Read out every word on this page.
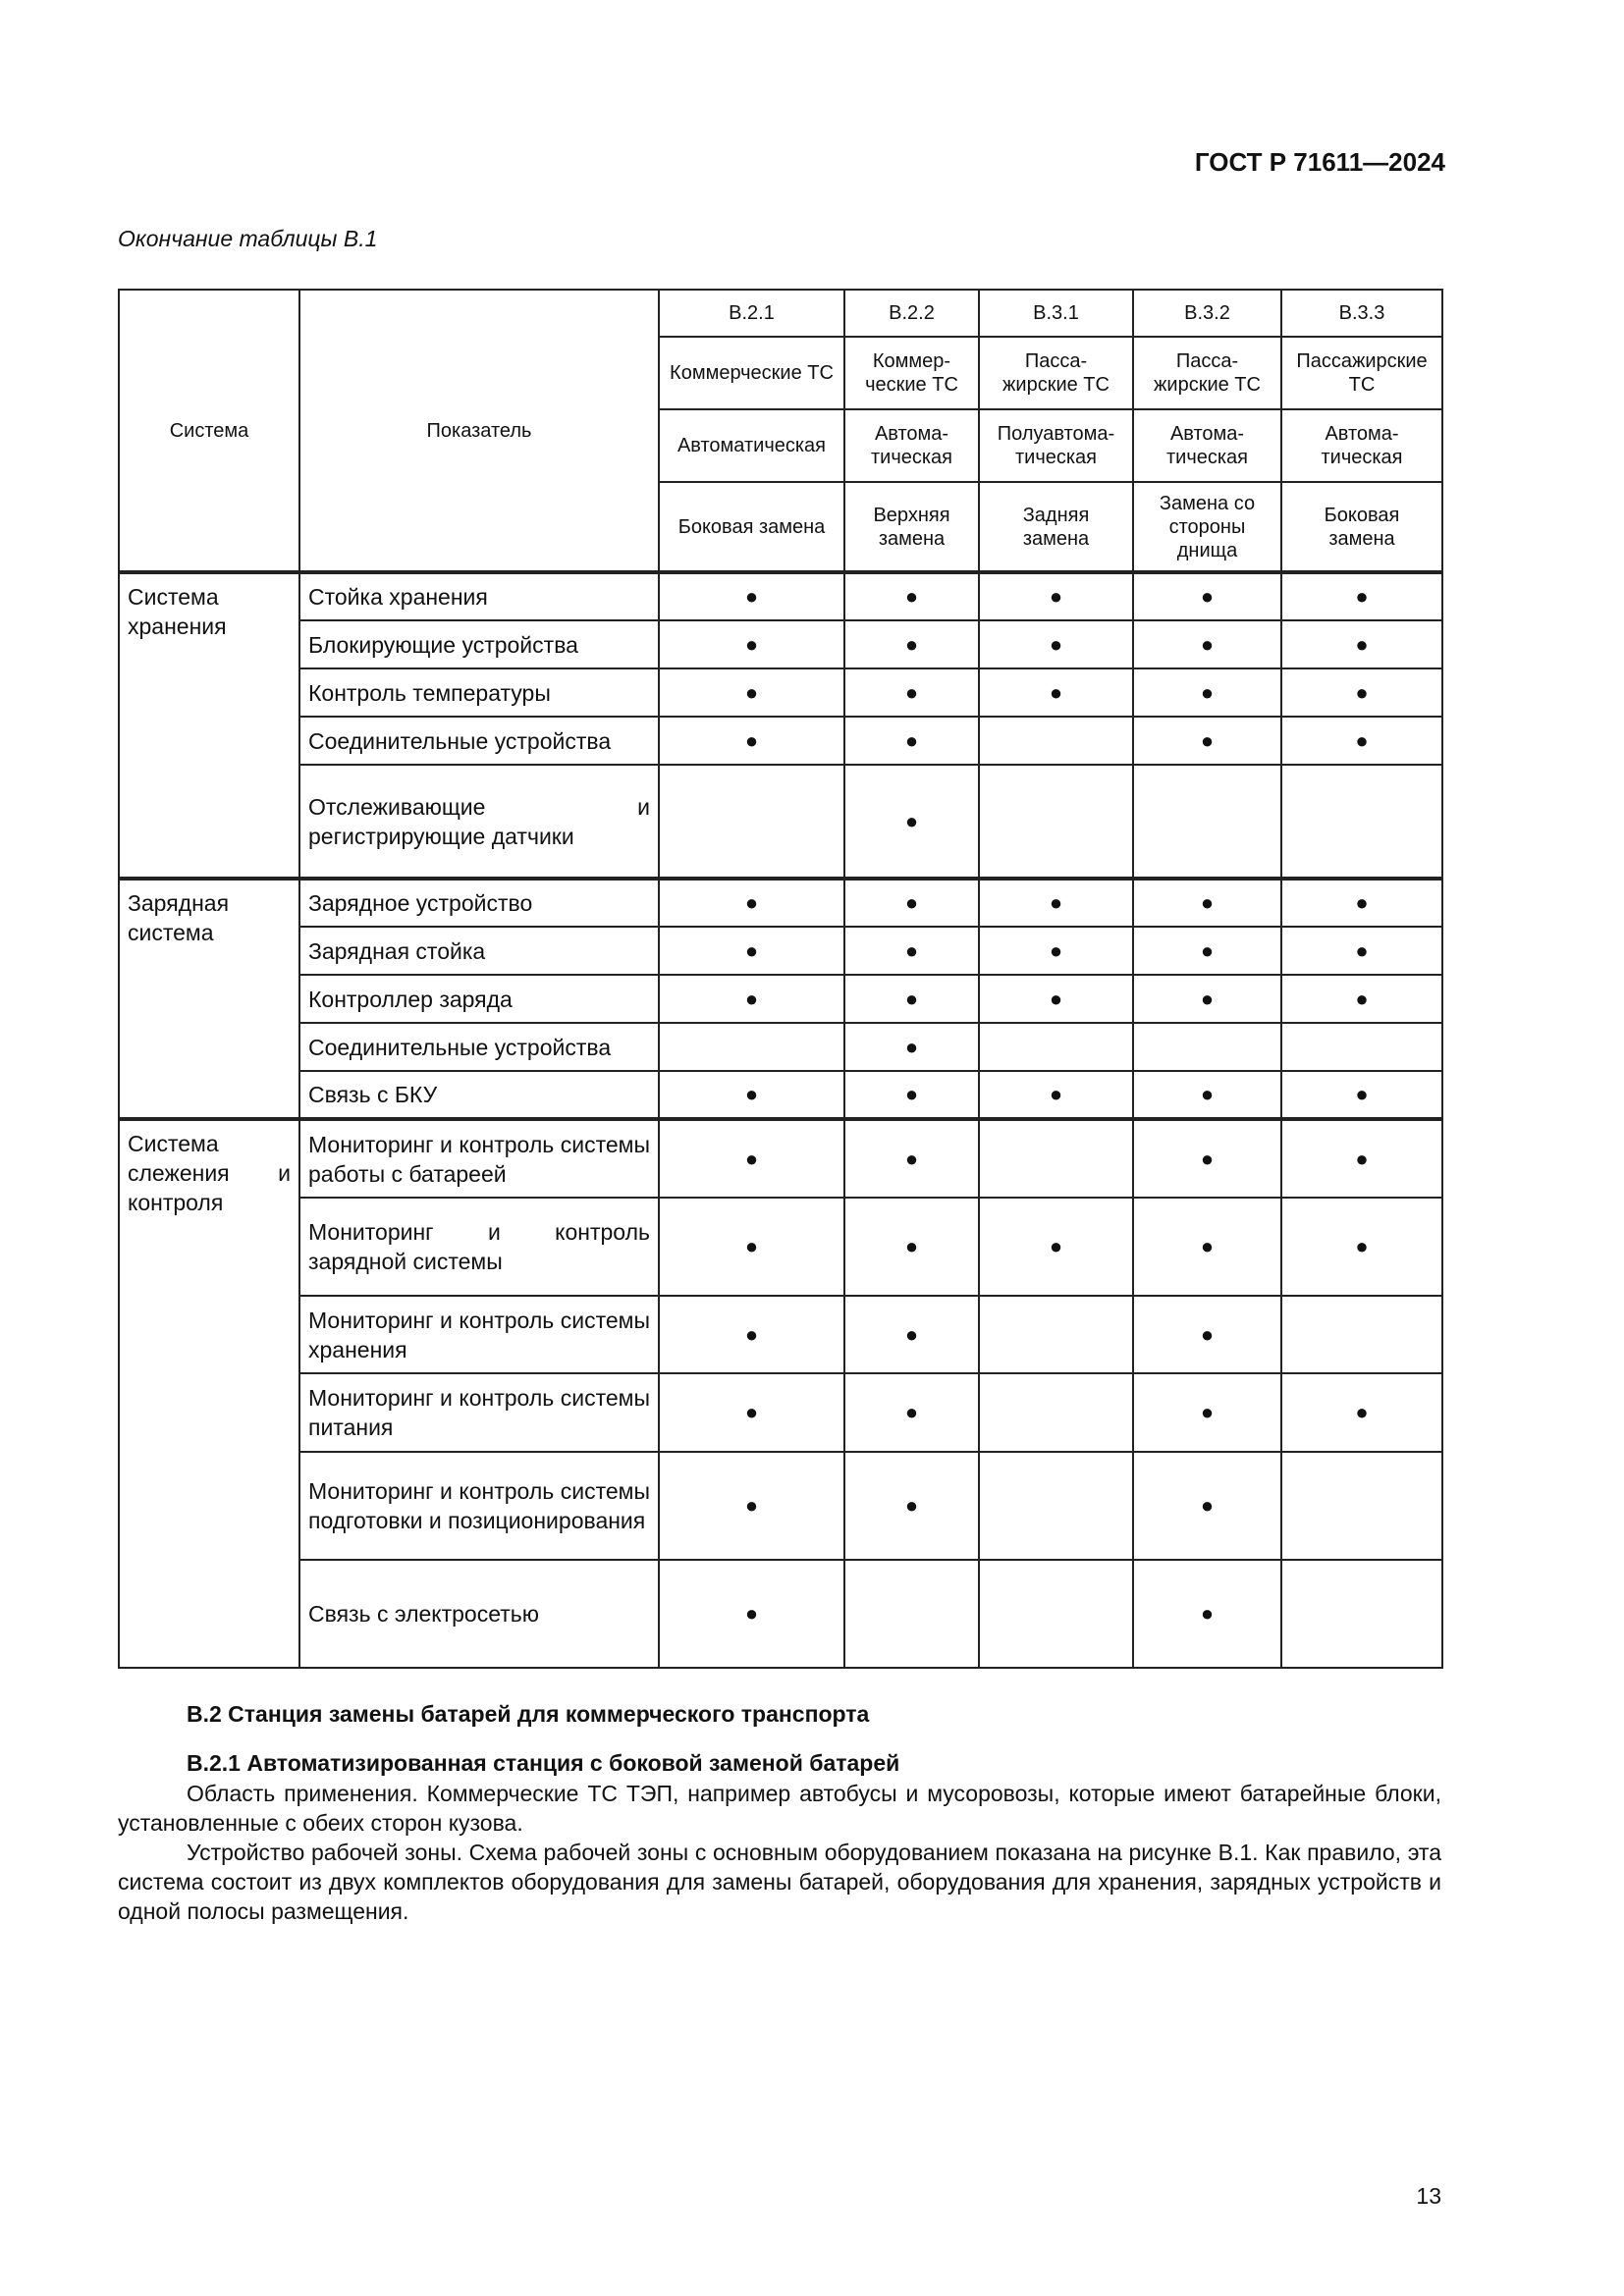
ГОСТ Р 71611—2024
Окончание таблицы В.1
Система	Показатель	B.2.1	B.2.2	B.3.1	B.3.2	B.3.3
		Коммерческие ТС	Коммер-ческие ТС	Пасса-жирские ТС	Пасса-жирские ТС	Пассажирские ТС
		Автоматическая	Автома-тическая	Полуавтома-тическая	Автома-тическая	Автома-тическая
		Боковая замена	Верхняя замена	Задняя замена	Замена со стороны днища	Боковая замена
Система хранения	Стойка хранения	●	●	●	●	●
	Блокирующие устройства	●	●	●	●	●
	Контроль температуры	●	●	●	●	●
	Соединительные устройства	●	●		●	●
	Отслеживающие и регистрирующие датчики		●			
Зарядная система	Зарядное устройство	●	●	●	●	●
	Зарядная стойка	●	●	●	●	●
	Контроллер заряда	●	●	●	●	●
	Соединительные устройства		●			
	Связь с БКУ	●	●	●	●	●
Система слежения и контроля	Мониторинг и контроль системы работы с батареей	●	●		●	●
	Мониторинг и контроль зарядной системы	●	●	●	●	●
	Мониторинг и контроль системы хранения	●	●		●	
	Мониторинг и контроль системы питания	●	●		●	●
	Мониторинг и контроль системы подготовки и позиционирования	●	●		●	
	Связь с электросетью	●			●	
В.2 Станция замены батарей для коммерческого транспорта
В.2.1 Автоматизированная станция с боковой заменой батарей

Область применения. Коммерческие ТС ТЭП, например автобусы и мусоровозы, которые имеют батарейные блоки, установленные с обеих сторон кузова.

Устройство рабочей зоны. Схема рабочей зоны с основным оборудованием показана на рисунке В.1. Как правило, эта система состоит из двух комплектов оборудования для замены батарей, оборудования для хранения, зарядных устройств и одной полосы размещения.

13
